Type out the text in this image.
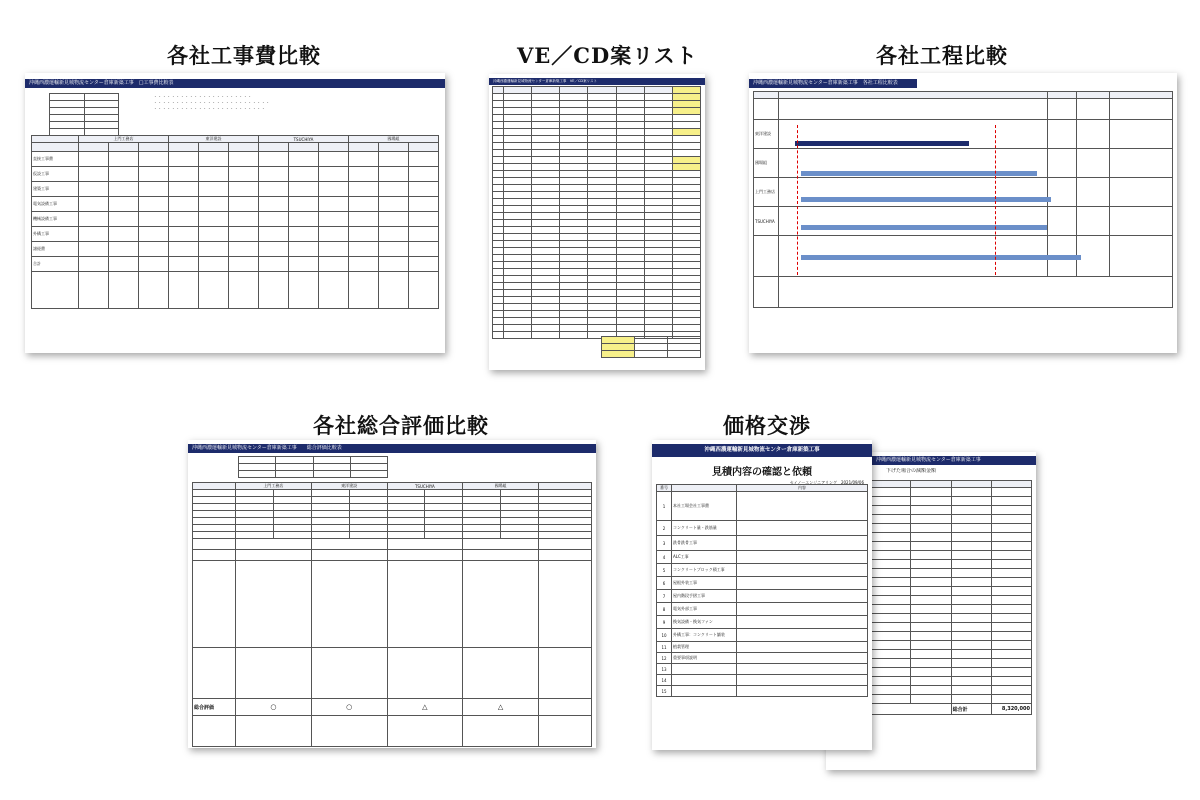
各社工事費比較	VE／CD案リスト	各社工程比較
各社総合評価比較	価格交渉
沖縄西濃運輸新見城物流センター倉庫新築工事　□工事費比較表

・・・・・・・・・・・・・・・・・・・・・・
・・・・・・・・・・・・・・・・・・・・・・・・・・
・・・・・・・・・・・・・・・・・・・・・・・・・
	上門工務店			東洋建設			TSUCHIYA			國場組		

直接工事費												
仮設工事												
建築工事												
電気設備工事												
機械設備工事												
外構工事												
諸経費												
合計												

沖縄西濃運輸新見城物流センター倉庫新築工事　VE／CD案リスト

			沖縄西濃運輸新見城物流センター倉庫新築工事　各社工程比較表

東洋建設				
國場組				
上門工務店				
TSUCHIYA				

沖縄西濃運輸新見城物流センター倉庫新築工事　　総合評価比較表

	上門工務店		東洋建設		TSUCHIYA		國場組		

総合評価	○		○		△		△		

沖縄西濃運輸新見城物流センター倉庫新築工事
下げた場合の減額金額

			総合計	8,320,000
沖縄西濃運輸新見城物流センター倉庫新築工事
見積内容の確認と依頼
セイノーエンジニアリング　2021/09/06
番号		内容
1	本社工場会社工事費	
2	コンクリート量・鉄筋量	
3	鉄骨鉄骨工事	
4	ALC工事	
5	コンクリートブロック積工事	
6	屋根外装工事	
7	屋内階段手摺工事	
8	電気外部工事	
9	換気設備・換気ファン	
10	外構工事：コンクリート舗装	
11	植栽管理	
12	重要事項説明	
13		
14		
15		
